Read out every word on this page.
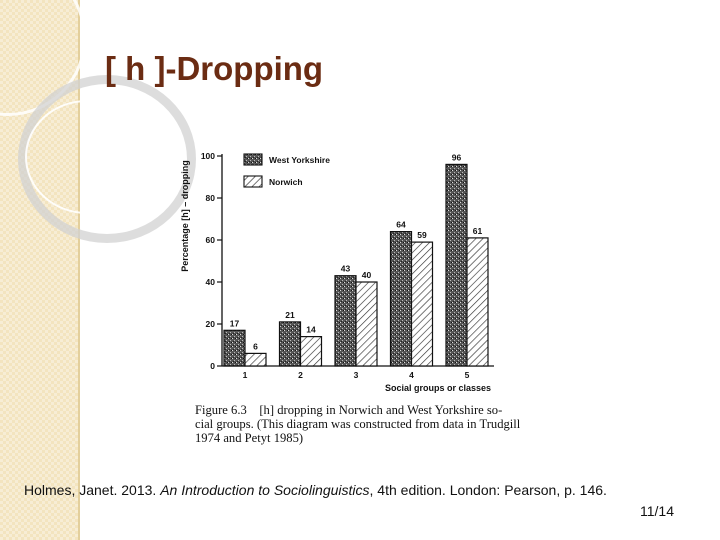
[ h ]-Dropping
Percentage [h] – dropping
0
20
40
60
80
100
17
6
1
21
14
2
43
40
3
64
59
4
96
61
5
West Yorkshire
Norwich
Social groups or classes
Figure 6.3    [h] dropping in Norwich and West Yorkshire so-
cial groups. (This diagram was constructed from data in Trudgill
1974 and Petyt 1985)
Holmes, Janet. 2013. An Introduction to Sociolinguistics, 4th edition. London: Pearson, p. 146.
11/14
